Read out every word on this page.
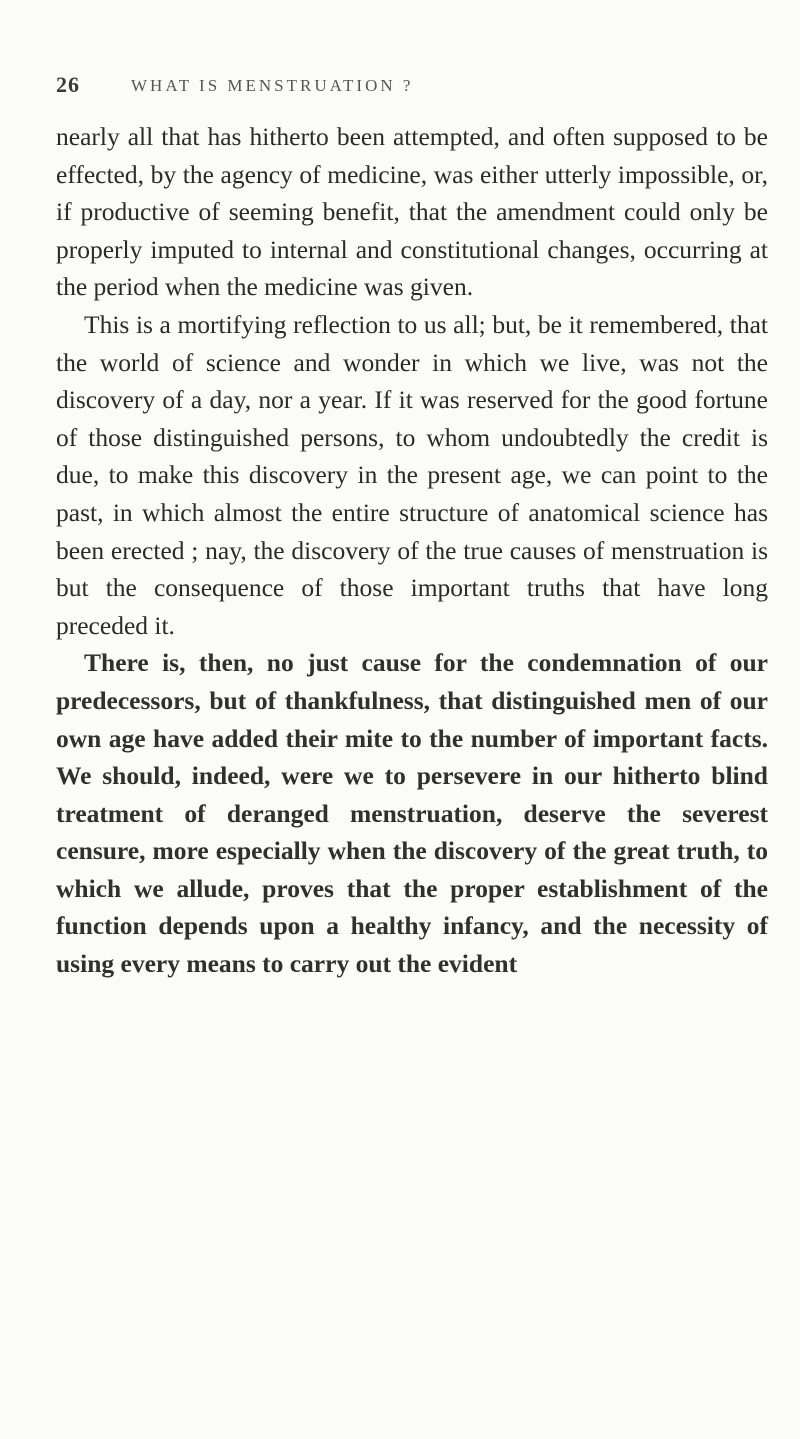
26	WHAT IS MENSTRUATION ?

nearly all that has hitherto been attempted, and often supposed to be effected, by the agency of medicine, was either utterly impossible, or, if productive of seeming benefit, that the amendment could only be properly imputed to internal and constitutional changes, occurring at the period when the medicine was given.

This is a mortifying reflection to us all; but, be it remembered, that the world of science and wonder in which we live, was not the discovery of a day, nor a year. If it was reserved for the good fortune of those distinguished persons, to whom undoubtedly the credit is due, to make this discovery in the present age, we can point to the past, in which almost the entire structure of anatomical science has been erected ; nay, the discovery of the true causes of menstruation is but the consequence of those important truths that have long preceded it.

There is, then, no just cause for the condemnation of our predecessors, but of thankfulness, that distinguished men of our own age have added their mite to the number of important facts. We should, indeed, were we to persevere in our hitherto blind treatment of deranged menstruation, deserve the severest censure, more especially when the discovery of the great truth, to which we allude, proves that the proper establishment of the function depends upon a healthy infancy, and the necessity of using every means to carry out the evident
